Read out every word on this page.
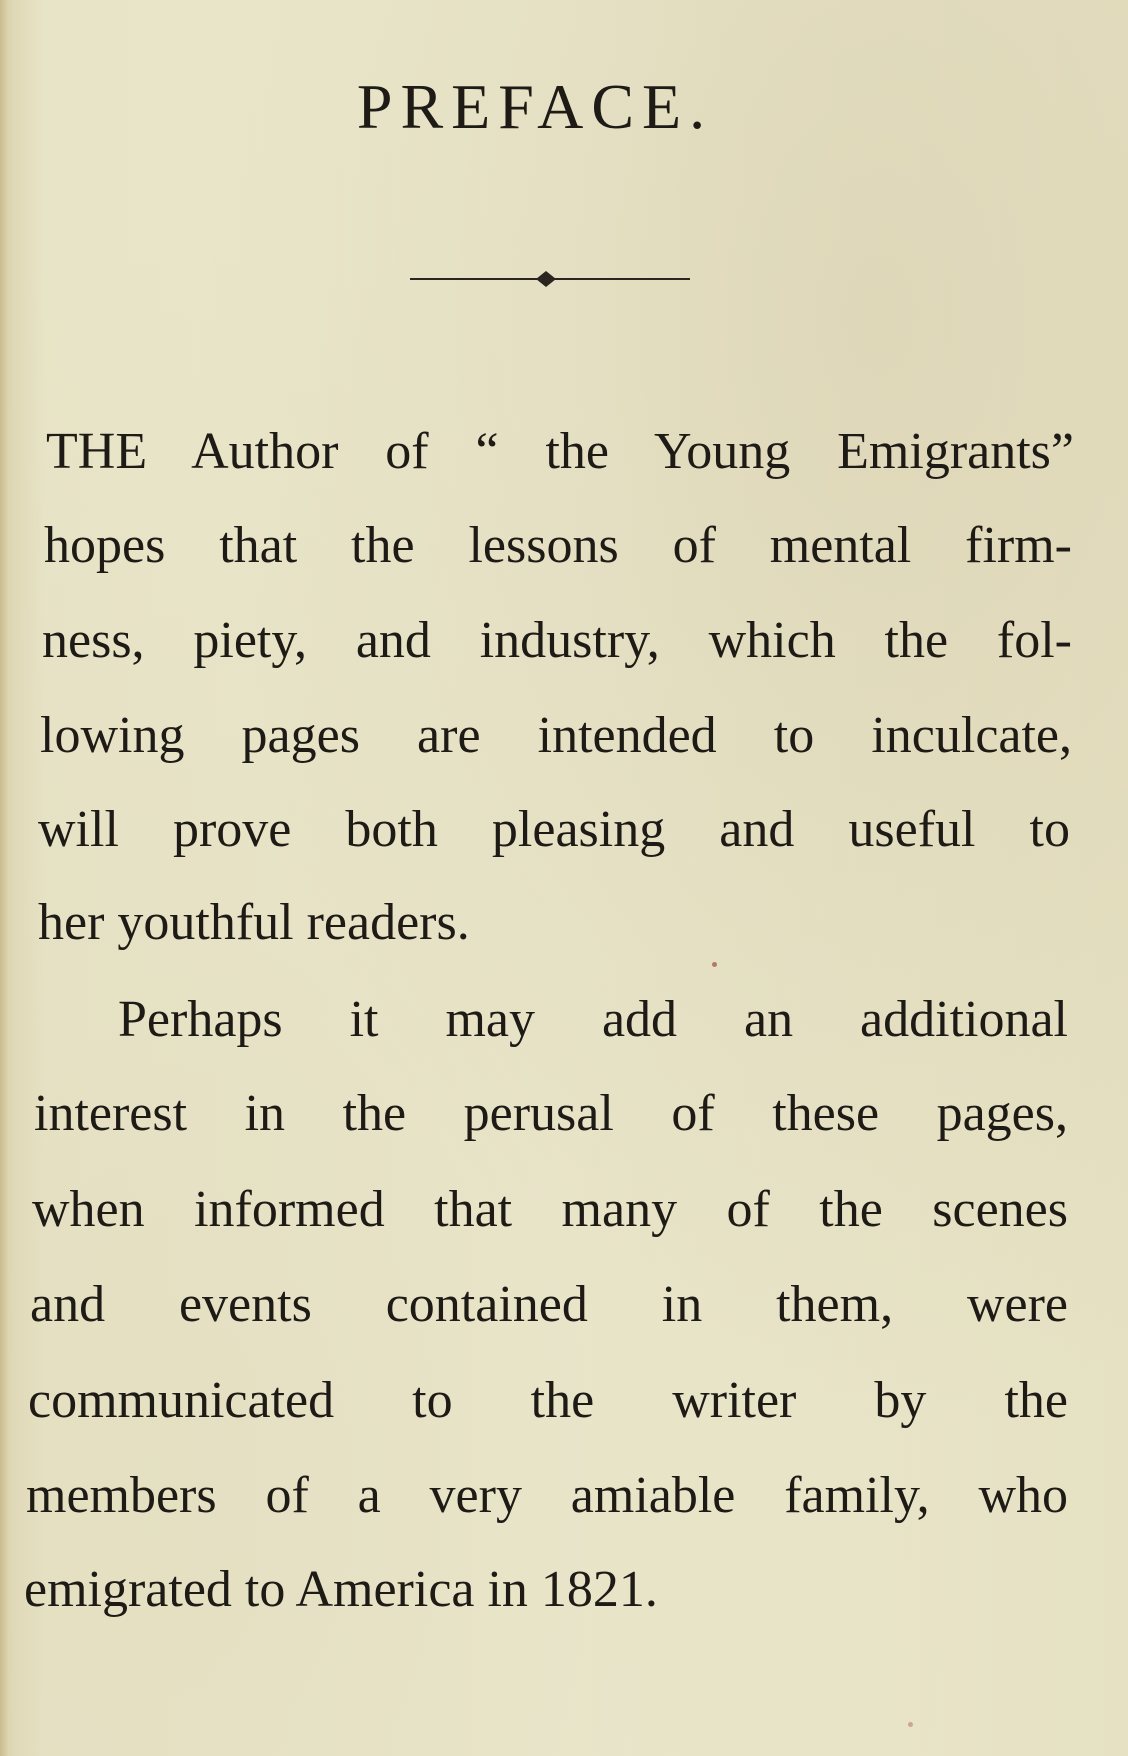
PREFACE.

THE Author of “ the Young Emigrants”

hopes that the lessons of mental firm-

ness, piety, and industry, which the fol-

lowing pages are intended to inculcate,

will prove both pleasing and useful to

her youthful readers.

Perhaps it may add an additional

interest in the perusal of these pages,

when informed that many of the scenes

and events contained in them, were

communicated to the writer by the

members of a very amiable family, who

emigrated to America in 1821.
